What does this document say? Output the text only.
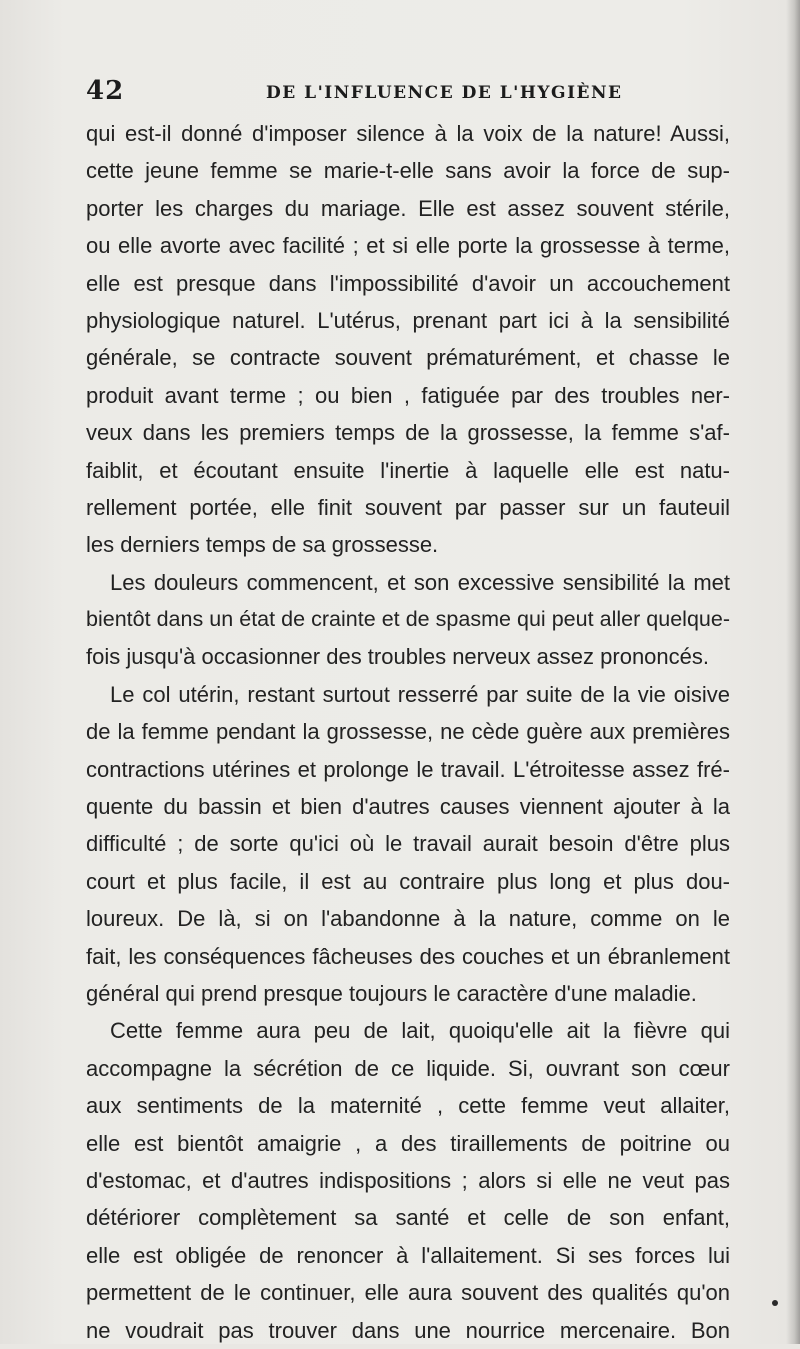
42	DE L'INFLUENCE DE L'HYGIÈNE
qui est-il donné d'imposer silence à la voix de la nature! Aussi,
cette jeune femme se marie-t-elle sans avoir la force de sup-
porter les charges du mariage. Elle est assez souvent stérile,
ou elle avorte avec facilité ; et si elle porte la grossesse à terme,
elle est presque dans l'impossibilité d'avoir un accouchement
physiologique naturel. L'utérus, prenant part ici à la sensibilité
générale, se contracte souvent prématurément, et chasse le
produit avant terme ; ou bien , fatiguée par des troubles ner-
veux dans les premiers temps de la grossesse, la femme s'af-
faiblit, et écoutant ensuite l'inertie à laquelle elle est natu-
rellement portée, elle finit souvent par passer sur un fauteuil
les derniers temps de sa grossesse.
Les douleurs commencent, et son excessive sensibilité la met
bientôt dans un état de crainte et de spasme qui peut aller quelque-
fois jusqu'à occasionner des troubles nerveux assez prononcés.
Le col utérin, restant surtout resserré par suite de la vie oisive
de la femme pendant la grossesse, ne cède guère aux premières
contractions utérines et prolonge le travail. L'étroitesse assez fré-
quente du bassin et bien d'autres causes viennent ajouter à la
difficulté ; de sorte qu'ici où le travail aurait besoin d'être plus
court et plus facile, il est au contraire plus long et plus dou-
loureux. De là, si on l'abandonne à la nature, comme on le
fait, les conséquences fâcheuses des couches et un ébranlement
général qui prend presque toujours le caractère d'une maladie.
Cette femme aura peu de lait, quoiqu'elle ait la fièvre qui
accompagne la sécrétion de ce liquide. Si, ouvrant son cœur
aux sentiments de la maternité , cette femme veut allaiter,
elle est bientôt amaigrie , a des tiraillements de poitrine ou
d'estomac, et d'autres indispositions ; alors si elle ne veut pas
détériorer complètement sa santé et celle de son enfant,
elle est obligée de renoncer à l'allaitement. Si ses forces lui
permettent de le continuer, elle aura souvent des qualités qu'on
ne voudrait pas trouver dans une nourrice mercenaire. Bon
